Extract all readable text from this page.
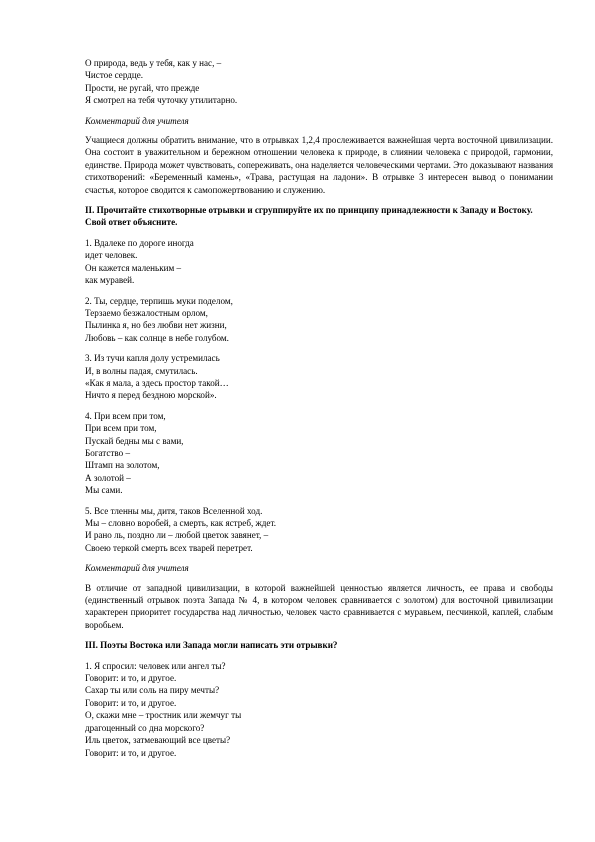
О природа, ведь у тебя, как у нас, –
Чистое сердце.
Прости, не ругай, что прежде
Я смотрел на тебя чуточку утилитарно.
Комментарий для учителя
Учащиеся должны обратить внимание, что в отрывках 1,2,4 прослеживается важнейшая черта восточной цивилизации. Она состоит в уважительном и бережном отношении человека к природе, в слиянии человека с природой, гармонии, единстве. Природа может чувствовать, сопереживать, она наделяется человеческими чертами. Это доказывают названия стихотворений: «Беременный камень», «Трава, растущая на ладони». В отрывке 3 интересен вывод о понимании счастья, которое сводится к самопожертвованию и служению.
II. Прочитайте стихотворные отрывки и сгруппируйте их по принципу принадлежности к Западу и Востоку. Свой ответ объясните.
1. Вдалеке по дороге иногда
идет человек.
Он кажется маленьким –
как муравей.
2. Ты, сердце, терпишь муки поделом,
Терзаемо безжалостным орлом,
Пылинка я, но без любви нет жизни,
Любовь – как солнце в небе голубом.
3. Из тучи капля долу устремилась
И, в волны падая, смутилась.
«Как я мала, а здесь простор такой…
Ничто я перед бездною морской».
4. При всем при том,
При всем при том,
Пускай бедны мы с вами,
Богатство –
Штамп на золотом,
А золотой –
Мы сами.
5. Все тленны мы, дитя, таков Вселенной ход.
Мы – словно воробей, а смерть, как ястреб, ждет.
И рано ль, поздно ли – любой цветок завянет, –
Своею теркой смерть всех тварей перетрет.
Комментарий для учителя
В отличие от западной цивилизации, в которой важнейшей ценностью является личность, ее права и свободы (единственный отрывок поэта Запада № 4, в котором человек сравнивается с золотом) для восточной цивилизации характерен приоритет государства над личностью, человек часто сравнивается с муравьем, песчинкой, каплей, слабым воробьем.
III. Поэты Востока или Запада могли написать эти отрывки?
1. Я спросил: человек или ангел ты?
Говорит: и то, и другое.
Сахар ты или соль на пиру мечты?
Говорит: и то, и другое.
О, скажи мне – тростник или жемчуг ты
драгоценный со дна морского?
Иль цветок, затмевающий все цветы?
Говорит: и то, и другое.
